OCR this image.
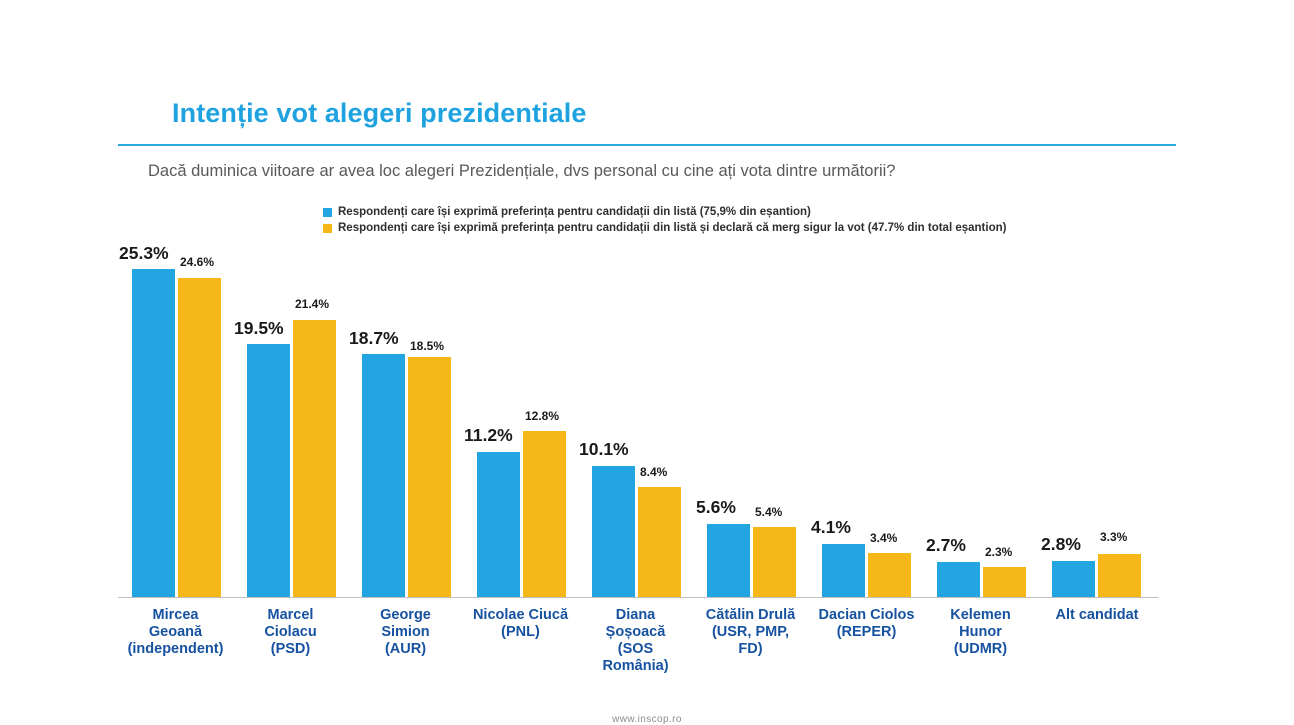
Intenție vot alegeri prezidentiale
Dacă duminica viitoare ar avea loc alegeri Prezidențiale, dvs personal cu cine ați vota dintre următorii?
Respondenți care își exprimă preferința pentru candidații din listă (75,9% din eșantion)
Respondenți care își exprimă preferința pentru candidații din listă și declară că merg sigur la vot (47.7% din total eșantion)
25.3% 24.6%
19.5%
21.4%
18.7% 18.5%
11.2%
12.8%
10.1%
8.4%
5.6% 5.4%
4.1%
3.4% 2.7% 2.3% 2.8% 3.3%
Mircea
Geoană
(independent)
Marcel
Ciolacu
(PSD)
George
Simion
(AUR)
Nicolae Ciucă
(PNL)
Diana
Șoșoacă
(SOS
România)
Cătălin Drulă
(USR, PMP,
FD)
Dacian Ciolos
(REPER)
Kelemen
Hunor
(UDMR)
Alt candidat
www.inscop.ro
